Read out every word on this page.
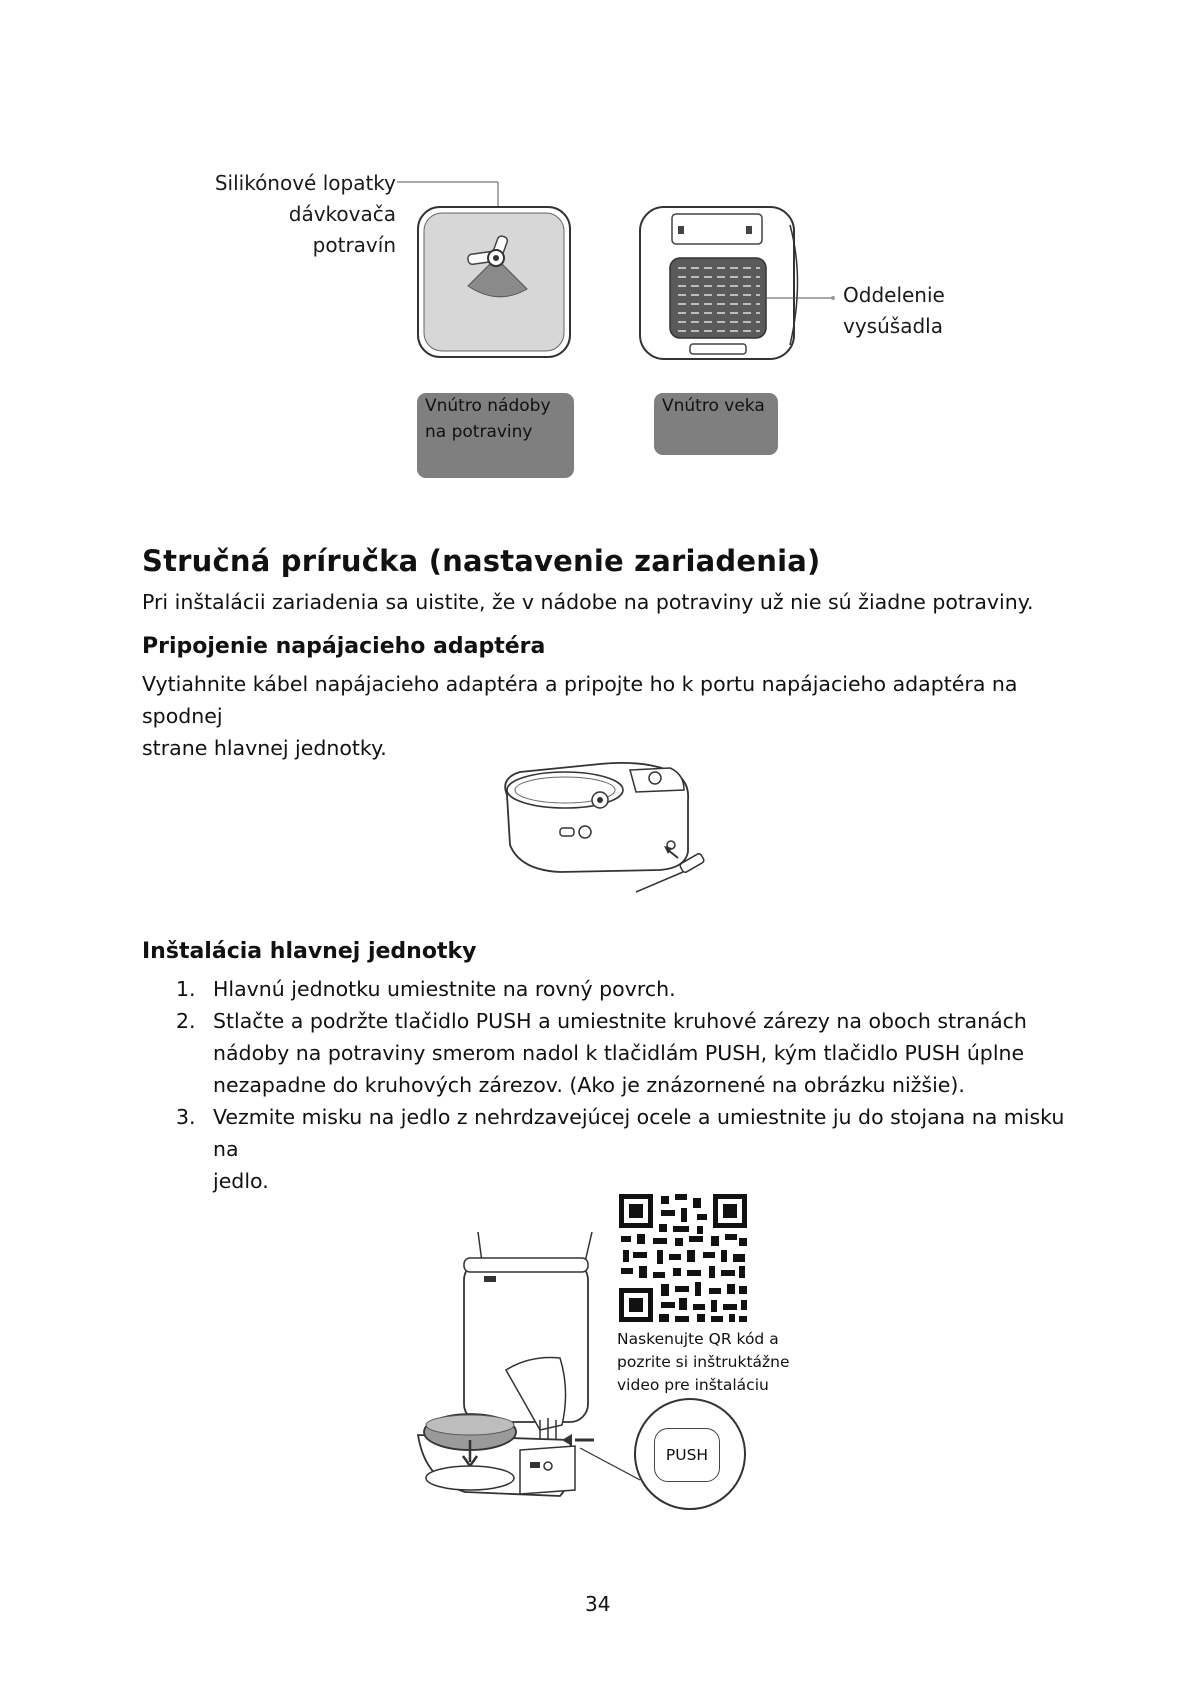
Silikónové lopatky
dávkovača potravín
Oddelenie
vysúšadla
Vnútro nádoby
na potraviny
Vnútro veka
Stručná príručka (nastavenie zariadenia)

Pri inštalácii zariadenia sa uistite, že v nádobe na potraviny už nie sú žiadne potraviny.

Pripojenie napájacieho adaptéra

Vytiahnite kábel napájacieho adaptéra a pripojte ho k portu napájacieho adaptéra na spodnej

strane hlavnej jednotky.

Inštalácia hlavnej jednotky
1. Hlavnú jednotku umiestnite na rovný povrch.
2. Stlačte a podržte tlačidlo PUSH a umiestnite kruhové zárezy na oboch stranách
nádoby na potraviny smerom nadol k tlačidlám PUSH, kým tlačidlo PUSH úplne
nezapadne do kruhových zárezov. (Ako je znázornené na obrázku nižšie).
3. Vezmite misku na jedlo z nehrdzavejúcej ocele a umiestnite ju do stojana na misku na
jedlo.
Naskenujte QR kód a
pozrite si inštruktážne
video pre inštaláciu
PUSH
34
